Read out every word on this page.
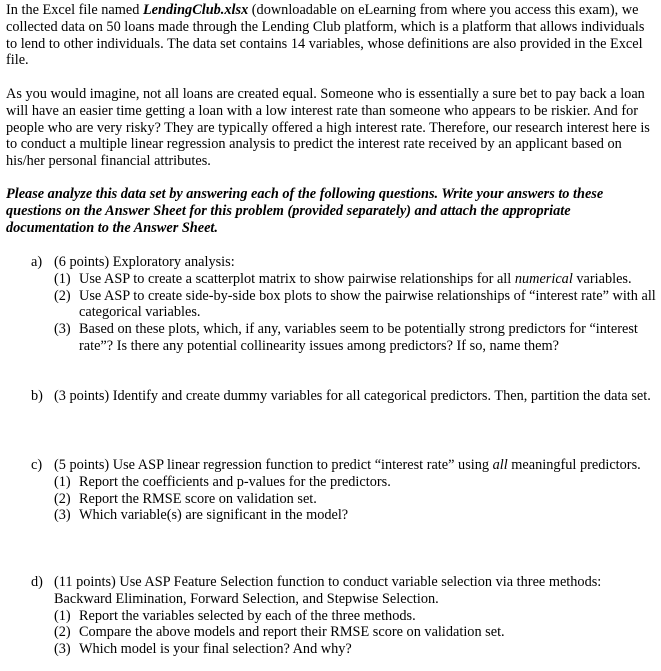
In the Excel file named LendingClub.xlsx (downloadable on eLearning from where you access this exam), we collected data on 50 loans made through the Lending Club platform, which is a platform that allows individuals to lend to other individuals. The data set contains 14 variables, whose definitions are also provided in the Excel file.

As you would imagine, not all loans are created equal. Someone who is essentially a sure bet to pay back a loan will have an easier time getting a loan with a low interest rate than someone who appears to be riskier. And for people who are very risky? They are typically offered a high interest rate. Therefore, our research interest here is to conduct a multiple linear regression analysis to predict the interest rate received by an applicant based on his/her personal financial attributes.

Please analyze this data set by answering each of the following questions. Write your answers to these questions on the Answer Sheet for this problem (provided separately) and attach the appropriate documentation to the Answer Sheet.

a) (6 points) Exploratory analysis:
(1) Use ASP to create a scatterplot matrix to show pairwise relationships for all numerical variables.
(2) Use ASP to create side-by-side box plots to show the pairwise relationships of “interest rate” with all categorical variables.
(3) Based on these plots, which, if any, variables seem to be potentially strong predictors for “interest rate”? Is there any potential collinearity issues among predictors? If so, name them?
b) (3 points) Identify and create dummy variables for all categorical predictors. Then, partition the data set.
c) (5 points) Use ASP linear regression function to predict “interest rate” using all meaningful predictors.
(1) Report the coefficients and p-values for the predictors.
(2) Report the RMSE score on validation set.
(3) Which variable(s) are significant in the model?
d) (11 points) Use ASP Feature Selection function to conduct variable selection via three methods: Backward Elimination, Forward Selection, and Stepwise Selection.
(1) Report the variables selected by each of the three methods.
(2) Compare the above models and report their RMSE score on validation set.
(3) Which model is your final selection? And why?
